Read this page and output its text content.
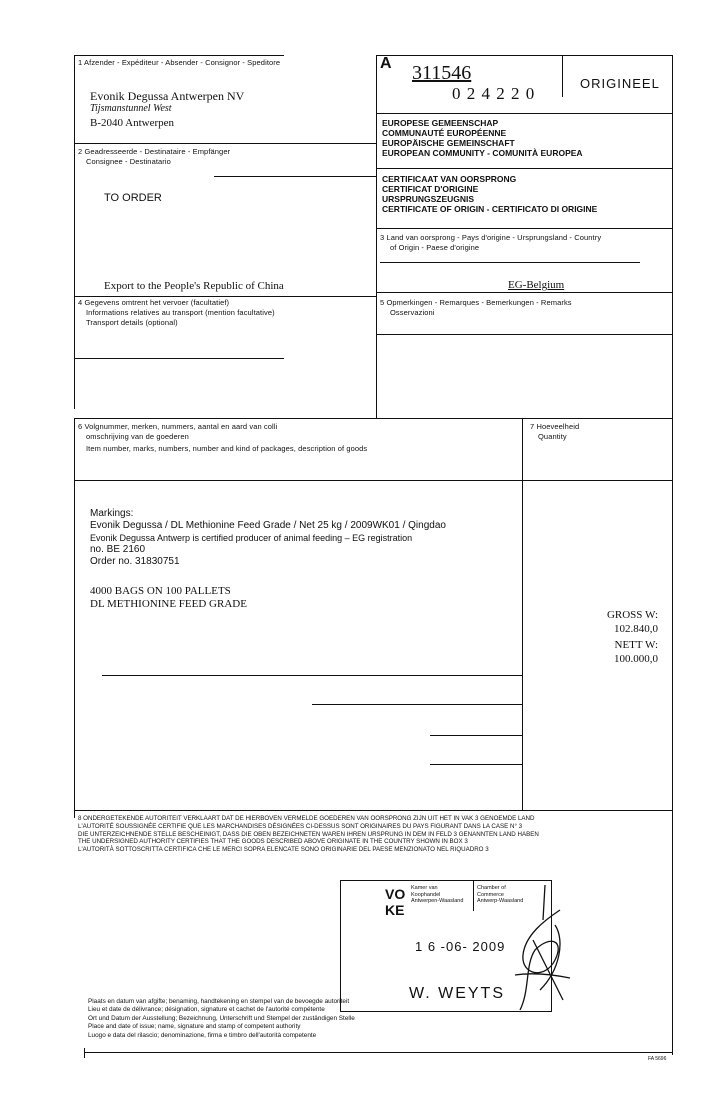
1 Afzender - Expéditeur - Absender - Consignor - Speditore
Evonik Degussa Antwerpen NV
Tijsmanstunnel West
B-2040 Antwerpen
A 311546
0 2 4 2 2 0
ORIGINEEL
EUROPESE GEMEENSCHAP
COMMUNAUTÉ EUROPÉENNE
EUROPÄISCHE GEMEINSCHAFT
EUROPEAN COMMUNITY - COMUNITÀ EUROPEA
CERTIFICAAT VAN OORSPRONG
CERTIFICAT D'ORIGINE
URSPRUNGSZEUGNIS
CERTIFICATE OF ORIGIN - CERTIFICATO DI ORIGINE
2 Geadresseerde - Destinataire - Empfänger
Consignee - Destinatario
TO ORDER
Export to the People's Republic of China
3 Land van oorsprong - Pays d'origine - Ursprungsland - Country
of Origin - Paese d'origine
EG-Belgium
4 Gegevens omtrent het vervoer (facultatief)
Informations relatives au transport (mention facultative)
Transport details (optional)
5 Opmerkingen - Remarques - Bemerkungen - Remarks
Osservazioni
6 Volgnummer, merken, nummers, aantal en aard van colli
omschrijving van de goederen
Item number, marks, numbers, number and kind of packages, description of goods
7 Hoeveelheid
Quantity
Markings:
Evonik Degussa / DL Methionine Feed Grade / Net 25 kg / 2009WK01 / Qingdao
Evonik Degussa Antwerp is certified producer of animal feeding – EG registration
no. BE 2160
Order no. 31830751
4000 BAGS ON 100 PALLETS
DL METHIONINE FEED GRADE
GROSS W:
102.840,0
NETT W:
100.000,0
8 ONDERGETEKENDE AUTORITEIT VERKLAART DAT DE HIERBOVEN VERMELDE GOEDEREN VAN OORSPRONG ZIJN UIT HET IN VAK 3 GENOEMDE LAND
L'AUTORITÉ SOUSSIGNÉE CERTIFIE QUE LES MARCHANDISES DÉSIGNÉES CI-DESSUS SONT ORIGINAIRES DU PAYS FIGURANT DANS LA CASE N° 3
DIE UNTERZEICHNENDE STELLE BESCHEINIGT, DASS DIE OBEN BEZEICHNETEN WAREN IHREN URSPRUNG IN DEM IN FELD 3 GENANNTEN LAND HABEN
THE UNDERSIGNED AUTHORITY CERTIFIES THAT THE GOODS DESCRIBED ABOVE ORIGINATE IN THE COUNTRY SHOWN IN BOX 3
L'AUTORITÀ SOTTOSCRITTA CERTIFICA CHE LE MERCI SOPRA ELENCATE SONO ORIGINARIE DEL PAESE MENZIONATO NEL RIQUADRO 3
VO
KE
Kamer van
Koophandel
Antwerpen-Waasland
Chamber of
Commerce
Antwerp-Waasland
1 6 -06- 2009
W. WEYTS
Plaats en datum van afgifte; benaming, handtekening en stempel van de bevoegde autoriteit
Lieu et date de délivrance; désignation, signature et cachet de l'autorité compétente
Ort und Datum der Ausstellung; Bezeichnung, Unterschrift und Stempel der zuständigen Stelle
Place and date of issue; name, signature and stamp of competent authority
Luogo e data del rilascio; denominazione, firma e timbro dell'autorità competente
FA 5696
